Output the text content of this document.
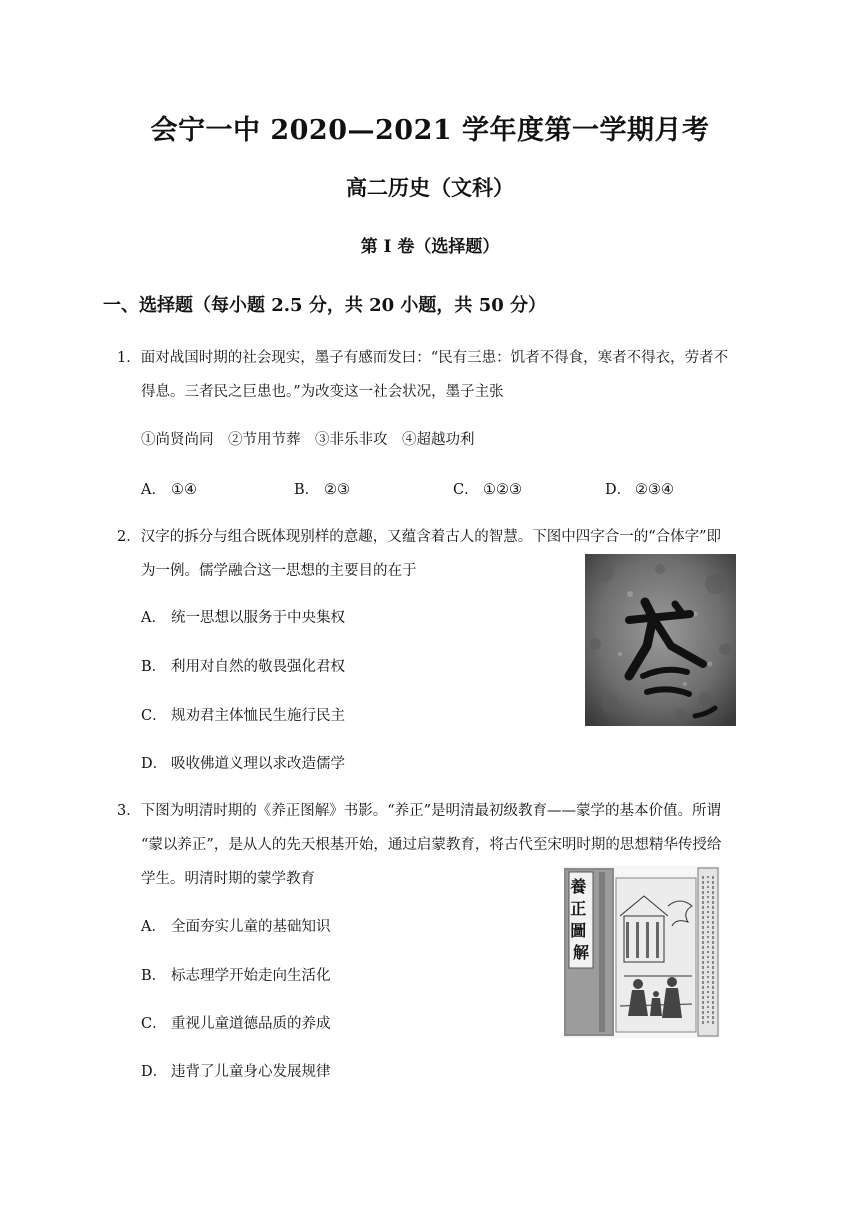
会宁一中 2020—2021 学年度第一学期月考
高二历史（文科）
第 I 卷（选择题）
一、选择题（每小题 2.5 分，共 20 小题，共 50 分）
1．面对战国时期的社会现实，墨子有感而发曰：“民有三患：饥者不得食，寒者不得衣，劳者不
得息。三者民之巨患也。”为改变这一社会状况，墨子主张
①尚贤尚同　②节用节葬　③非乐非攻　④超越功利
A． ①④	B． ②③	C． ①②③	D． ②③④
2．汉字的拆分与组合既体现别样的意趣，又蕴含着古人的智慧。下图中四字合一的“合体字”即
为一例。儒学融合这一思想的主要目的在于
A． 统一思想以服务于中央集权
B． 利用对自然的敬畏强化君权
C． 规劝君主体恤民生施行民主
D． 吸收佛道义理以求改造儒学
3．下图为明清时期的《养正图解》书影。“养正”是明清最初级教育——蒙学的基本价值。所谓
“蒙以养正”，是从人的先天根基开始，通过启蒙教育，将古代至宋明时期的思想精华传授给
学生。明清时期的蒙学教育
A． 全面夯实儿童的基础知识
B． 标志理学开始走向生活化
C． 重视儿童道德品质的养成
D． 违背了儿童身心发展规律
養 正 圖 解
